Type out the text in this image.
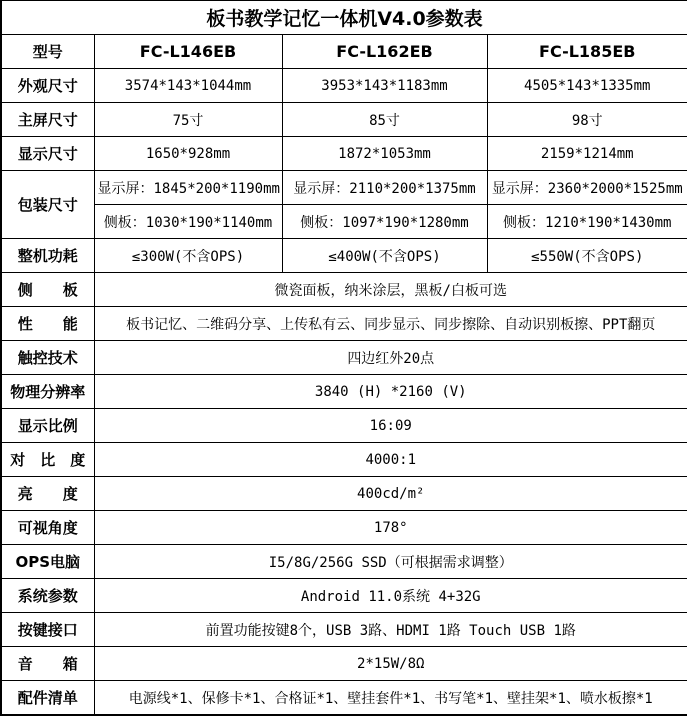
板书教学记忆一体机V4.0参数表			
型号	FC-L146EB	FC-L162EB	FC-L185EB
外观尺寸	3574*143*1044mm	3953*143*1183mm	4505*143*1335mm
主屏尺寸	75寸	85寸	98寸
显示尺寸	1650*928mm	1872*1053mm	2159*1214mm
包装尺寸	显示屏：1845*200*1190mm	显示屏：2110*200*1375mm	显示屏：2360*2000*1525mm
	侧板：1030*190*1140mm	侧板：1097*190*1280mm	侧板：1210*190*1430mm
整机功耗	≤300W(不含OPS)	≤400W(不含OPS)	≤550W(不含OPS)
侧　　板	微瓷面板，纳米涂层，黑板/白板可选		
性　　能	板书记忆、二维码分享、上传私有云、同步显示、同步擦除、自动识别板擦、PPT翻页		
触控技术	四边红外20点		
物理分辨率	3840 (H) *2160 (V)		
显示比例	16:09		
对　比　度	4000:1		
亮　　度	400cd/m²		
可视角度	178°		
OPS电脑	I5/8G/256G SSD（可根据需求调整）		
系统参数	Android 11.0系统 4+32G		
按键接口	前置功能按键8个，USB 3路、HDMI 1路 Touch USB 1路		
音　　箱	2*15W/8Ω		
配件清单	电源线*1、保修卡*1、合格证*1、壁挂套件*1、书写笔*1、壁挂架*1、喷水板擦*1		
